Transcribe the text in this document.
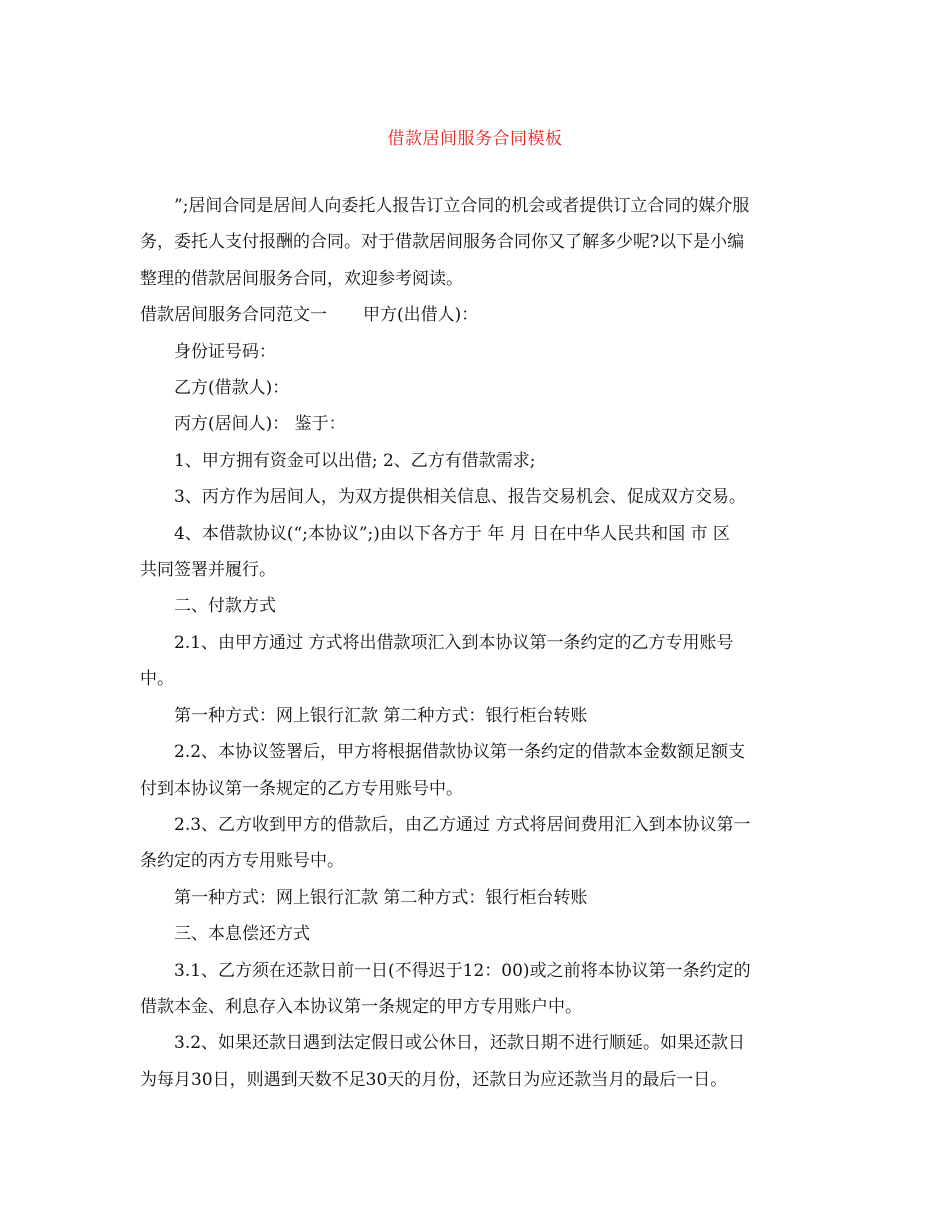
借款居间服务合同模板

”;居间合同是居间人向委托人报告订立合同的机会或者提供订立合同的媒介服

务，委托人支付报酬的合同。对于借款居间服务合同你又了解多少呢?以下是小编

整理的借款居间服务合同，欢迎参考阅读。

借款居间服务合同范文一 甲方(出借人)：

身份证号码：

乙方(借款人)：

丙方(居间人)： 鉴于：

1、甲方拥有资金可以出借; 2、乙方有借款需求;

3、丙方作为居间人，为双方提供相关信息、报告交易机会、促成双方交易。

4、本借款协议(“;本协议”;)由以下各方于 年 月 日在中华人民共和国 市 区

共同签署并履行。

二、付款方式

2.1、由甲方通过 方式将出借款项汇入到本协议第一条约定的乙方专用账号

中。

第一种方式：网上银行汇款 第二种方式：银行柜台转账

2.2、本协议签署后，甲方将根据借款协议第一条约定的借款本金数额足额支

付到本协议第一条规定的乙方专用账号中。

2.3、乙方收到甲方的借款后，由乙方通过 方式将居间费用汇入到本协议第一

条约定的丙方专用账号中。

第一种方式：网上银行汇款 第二种方式：银行柜台转账

三、本息偿还方式

3.1、乙方须在还款日前一日(不得迟于12：00)或之前将本协议第一条约定的

借款本金、利息存入本协议第一条规定的甲方专用账户中。

3.2、如果还款日遇到法定假日或公休日，还款日期不进行顺延。如果还款日

为每月30日，则遇到天数不足30天的月份，还款日为应还款当月的最后一日。
